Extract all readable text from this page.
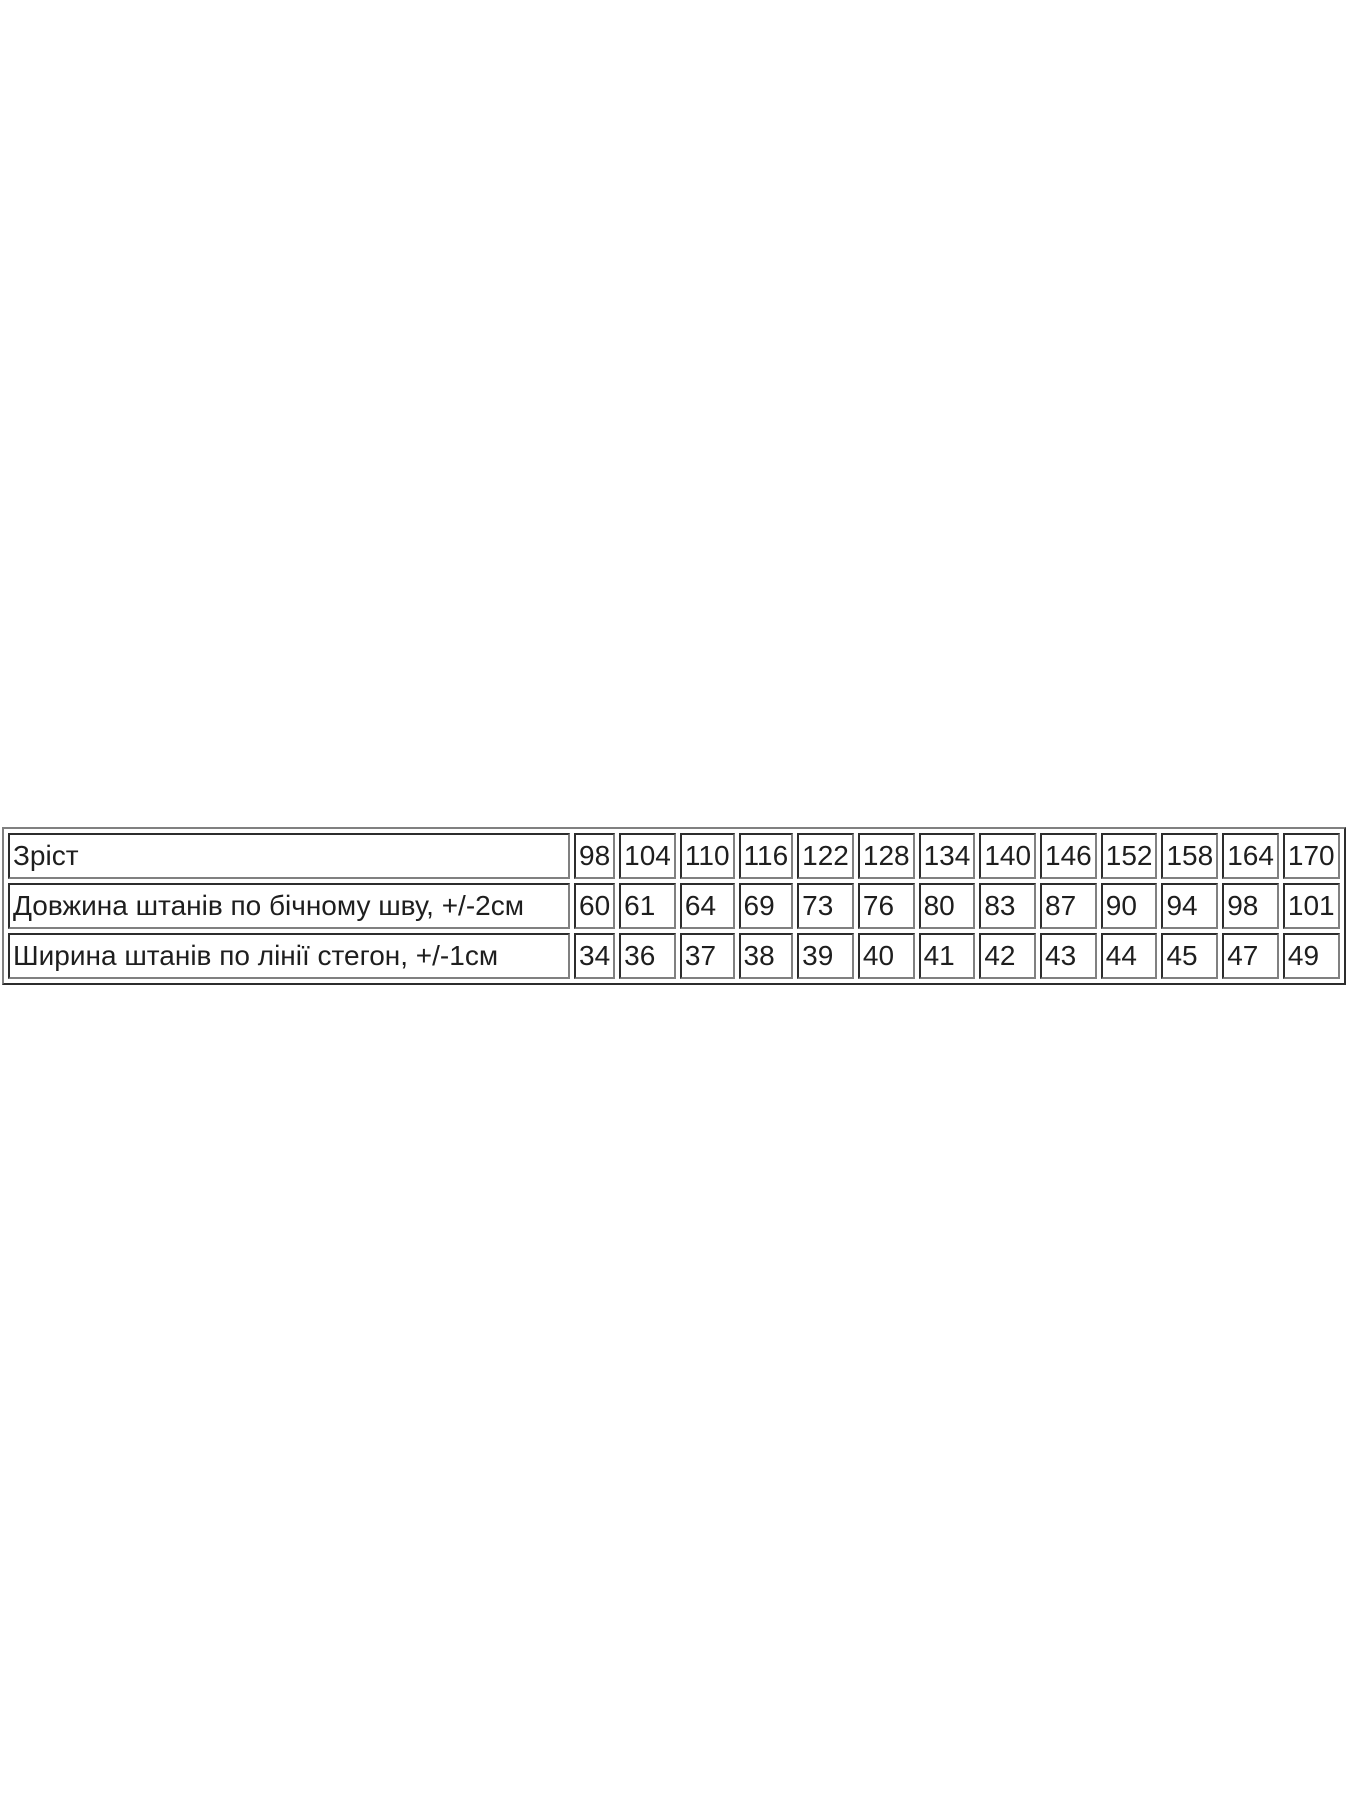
Зріст	98	104	110	116	122	128	134	140	146	152	158	164	170
Довжина штанів по бічному шву, +/-2см	60	61	64	69	73	76	80	83	87	90	94	98	101
Ширина штанів по лінії стегон, +/-1см	34	36	37	38	39	40	41	42	43	44	45	47	49
